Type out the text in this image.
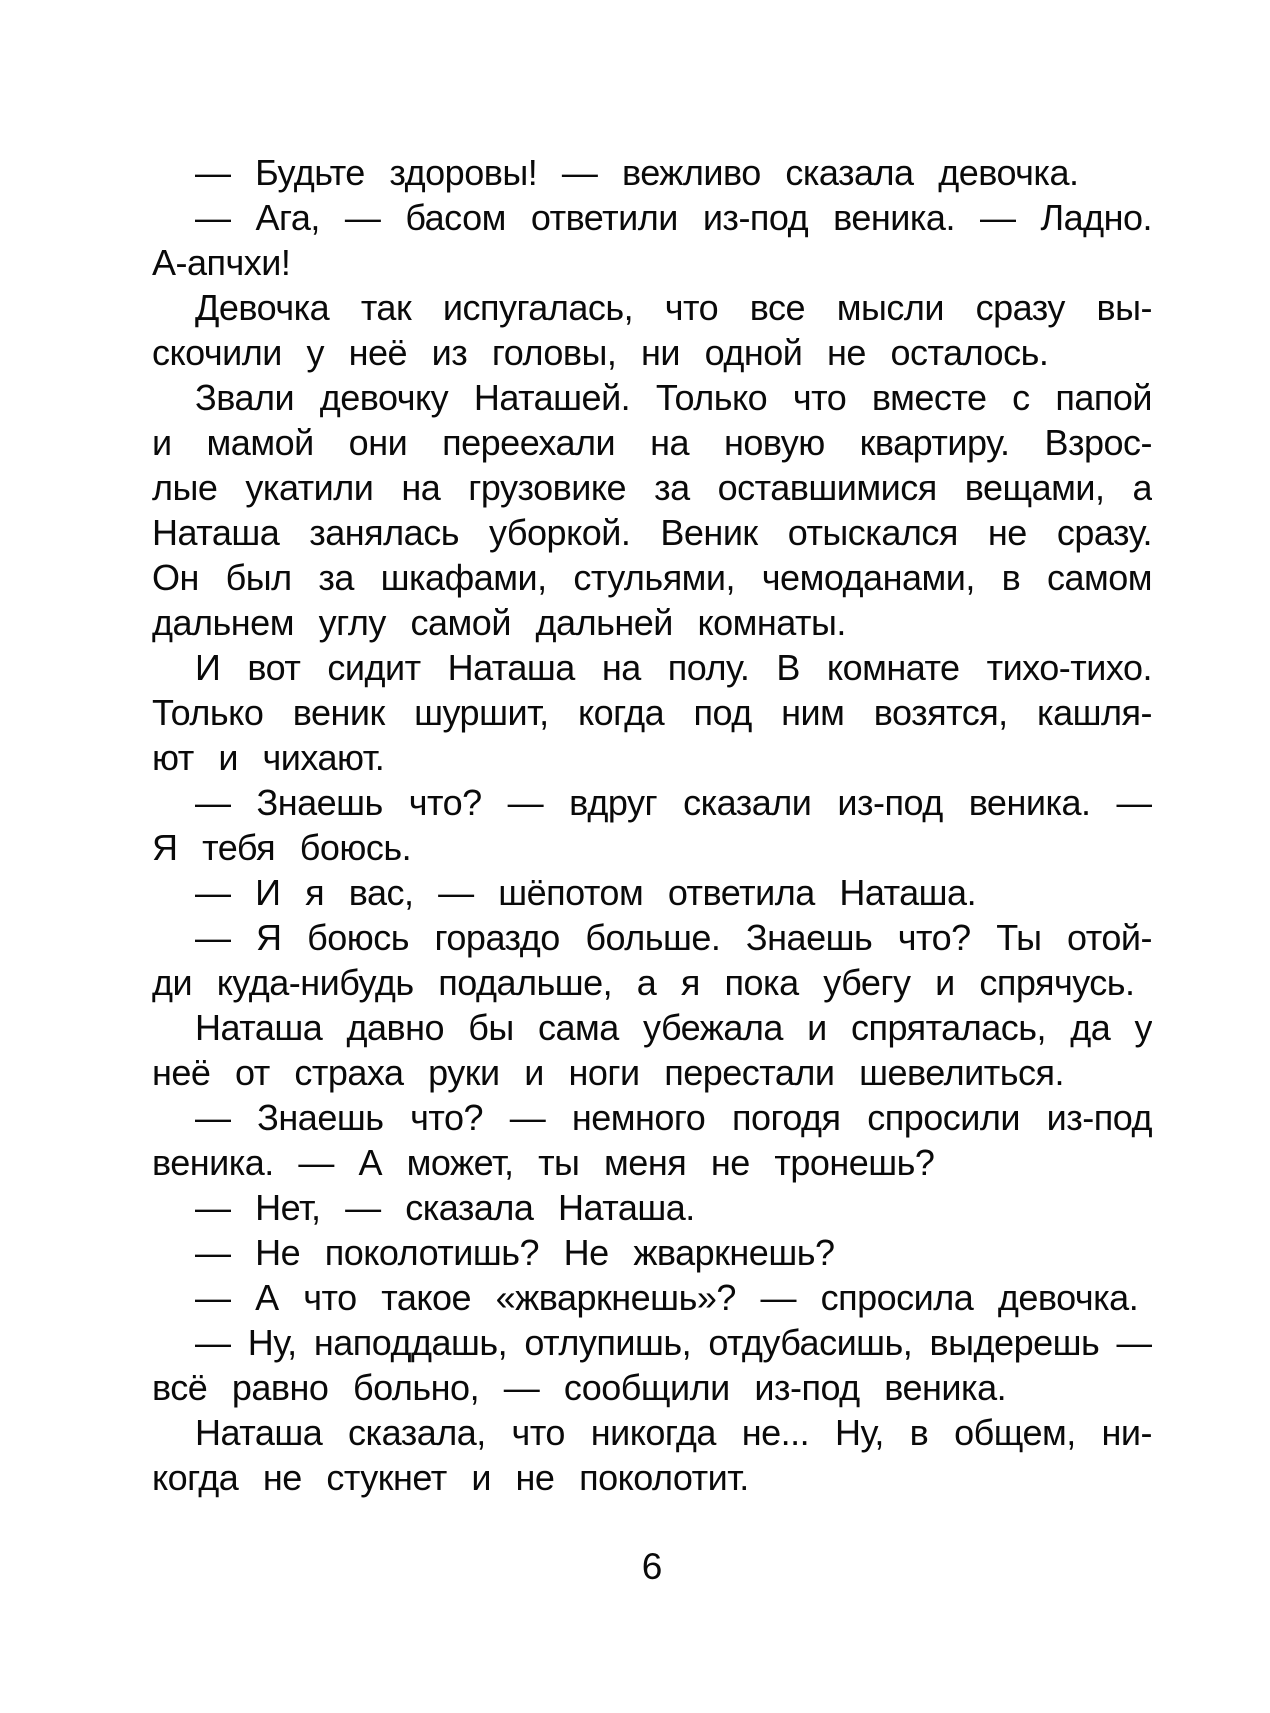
— Будьте здоровы! — вежливо сказала девочка.
— Ага, — басом ответили из-под веника. — Ладно.
А-апчхи!
Девочка так испугалась, что все мысли сразу вы-
скочили у неё из головы, ни одной не осталось.
Звали девочку Наташей. Только что вместе с папой
и мамой они переехали на новую квартиру. Взрос-
лые укатили на грузовике за оставшимися вещами, а
Наташа занялась уборкой. Веник отыскался не сразу.
Он был за шкафами, стульями, чемоданами, в самом
дальнем углу самой дальней комнаты.
И вот сидит Наташа на полу. В комнате тихо-тихо.
Только веник шуршит, когда под ним возятся, кашля-
ют и чихают.
— Знаешь что? — вдруг сказали из-под веника. —
Я тебя боюсь.
— И я вас, — шёпотом ответила Наташа.
— Я боюсь гораздо больше. Знаешь что? Ты отой-
ди куда-нибудь подальше, а я пока убегу и спрячусь.
Наташа давно бы сама убежала и спряталась, да у
неё от страха руки и ноги перестали шевелиться.
— Знаешь что? — немного погодя спросили из-под
веника. — А может, ты меня не тронешь?
— Нет, — сказала Наташа.
— Не поколотишь? Не жваркнешь?
— А что такое «жваркнешь»? — спросила девочка.
— Ну, наподдашь, отлупишь, отдубасишь, выдерешь —
всё равно больно, — сообщили из-под веника.
Наташа сказала, что никогда не... Ну, в общем, ни-
когда не стукнет и не поколотит.
6
